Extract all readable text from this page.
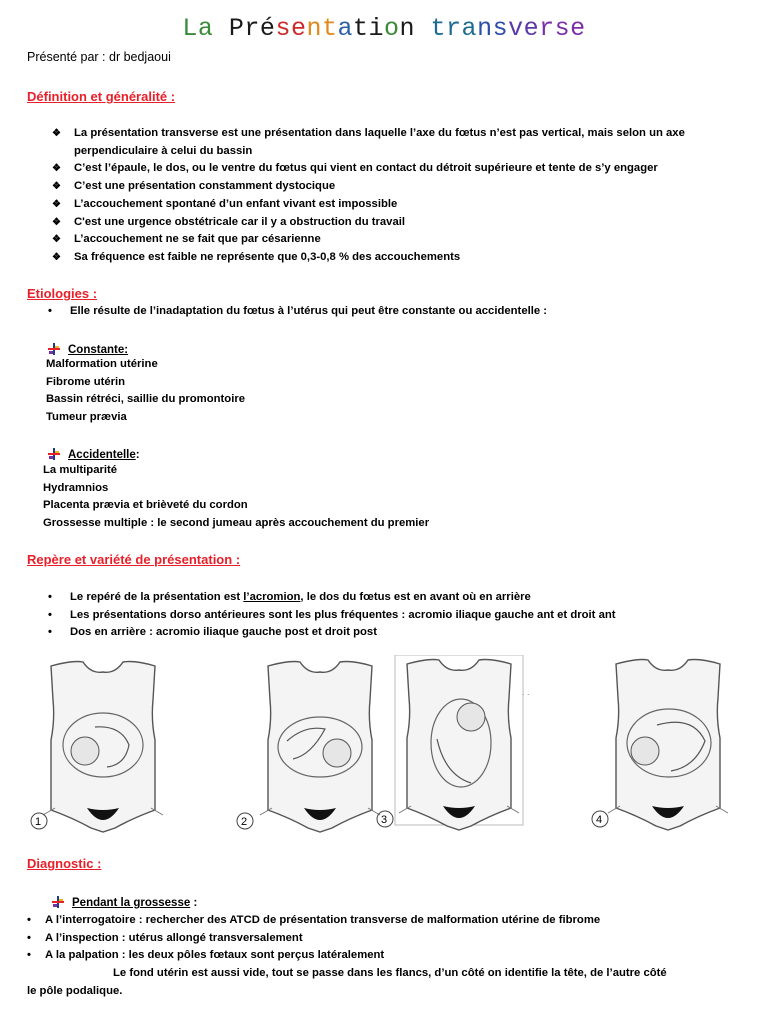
La Présentation transverse
Présenté par : dr bedjaoui
Définition et généralité :
❖ La présentation transverse est une présentation dans laquelle l’axe du fœtus n’est pas vertical, mais selon un axe
perpendiculaire à celui du bassin
❖ C’est l’épaule, le dos, ou le ventre du fœtus qui vient en contact du détroit supérieure et tente de s’y engager
❖ C’est une présentation constamment dystocique
❖ L’accouchement spontané d’un enfant vivant est impossible
❖ C'est une urgence obstétricale car il y a obstruction du travail
❖ L’accouchement ne se fait que par césarienne
❖ Sa fréquence est faible ne représente que 0,3-0,8 % des accouchements
Etiologies :
• Elle résulte de l’inadaptation du fœtus à l’utérus qui peut être constante ou accidentelle :
Constante:
Malformation utérine
Fibrome utérin
Bassin rétréci, saillie du promontoire
Tumeur prævia
Accidentelle:
La multiparité
Hydramnios
Placenta prævia et brièveté du cordon
Grossesse multiple : le second jumeau après accouchement du premier
Repère et variété de présentation :
• Le repéré de la présentation est l’acromion, le dos du fœtus est en avant où en arrière
• Les présentations dorso antérieures sont les plus fréquentes : acromio iliaque gauche ant et droit ant
• Dos en arrière : acromio iliaque gauche post et droit post
1	2	3
. .
4
Diagnostic :
Pendant la grossesse :
• A l’interrogatoire : rechercher des ATCD de présentation transverse de malformation utérine de fibrome
• A l’inspection : utérus allongé transversalement
• A la palpation : les deux pôles fœtaux sont perçus latéralement
Le fond utérin est aussi vide, tout se passe dans les flancs, d’un côté on identifie la tête, de l’autre côté
le pôle podalique.
